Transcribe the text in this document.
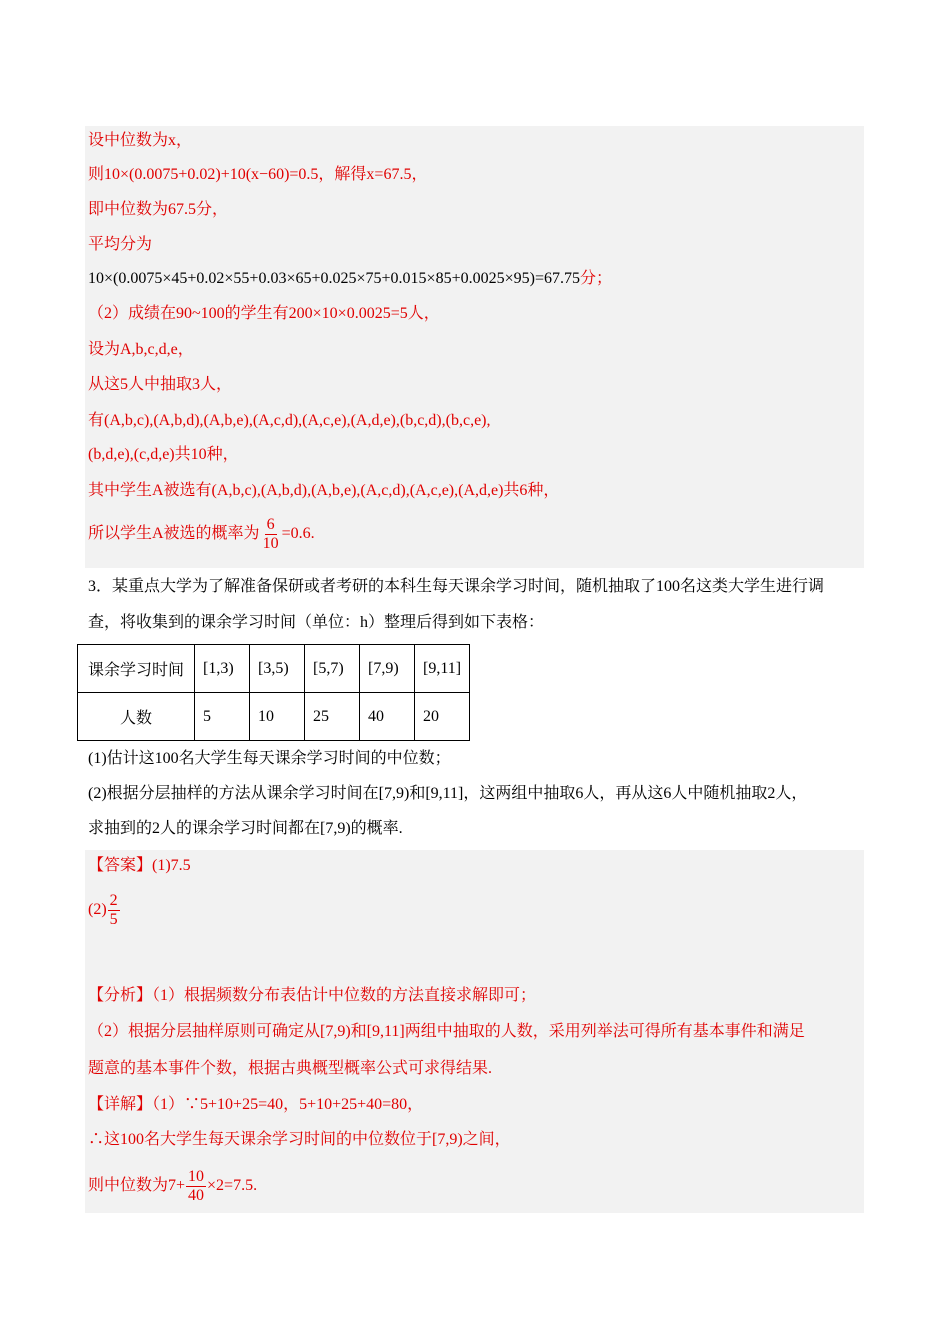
设中位数为x，
则10×(0.0075+0.02)+10(x−60)=0.5，解得x=67.5，
即中位数为67.5分，
平均分为
10×(0.0075×45+0.02×55+0.03×65+0.025×75+0.015×85+0.0025×95)=67.75分；
（2）成绩在90~100的学生有200×10×0.0025=5人，
设为A,b,c,d,e，
从这5人中抽取3人，
有(A,b,c),(A,b,d),(A,b,e),(A,c,d),(A,c,e),(A,d,e),(b,c,d),(b,c,e),
(b,d,e),(c,d,e)共10种，
其中学生A被选有(A,b,c),(A,b,d),(A,b,e),(A,c,d),(A,c,e),(A,d,e)共6种，
所以学生A被选的概率为 $\frac{6}{10} =0.6$.
3．某重点大学为了解准备保研或者考研的本科生每天课余学习时间，随机抽取了100名这类大学生进行调
查，将收集到的课余学习时间（单位：h）整理后得到如下表格：
课余学习时间	[1,3)	[3,5)	[5,7)	[7,9)	[9,11]
人数	5	10	25	40	20
(1)估计这100名大学生每天课余学习时间的中位数；
(2)根据分层抽样的方法从课余学习时间在[7,9)和[9,11]，这两组中抽取6人，再从这6人中随机抽取2人，
求抽到的2人的课余学习时间都在[7,9)的概率.
【答案】(1)7.5
$(2) \frac{2}{5}$
【分析】（1）根据频数分布表估计中位数的方法直接求解即可；
（2）根据分层抽样原则可确定从[7,9)和[9,11]两组中抽取的人数，采用列举法可得所有基本事件和满足
题意的基本事件个数，根据古典概型概率公式可求得结果.
【详解】（1）∵5+10+25=40，5+10+25+40=80，
∴这100名大学生每天课余学习时间的中位数位于[7,9)之间，
则中位数为$7+ \frac{10}{40} \times 2=7.5$.
